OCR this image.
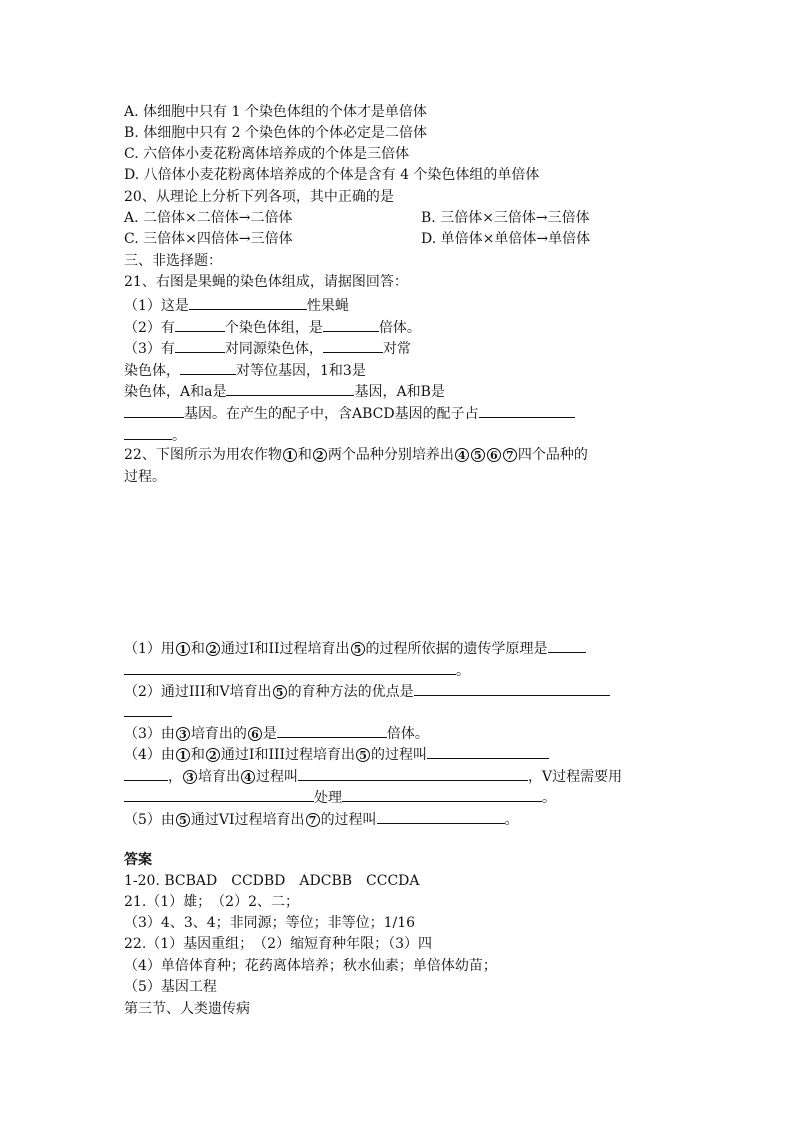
A. 体细胞中只有 1 个染色体组的个体才是单倍体
B. 体细胞中只有 2 个染色体的个体必定是二倍体
C. 六倍体小麦花粉离体培养成的个体是三倍体
D. 八倍体小麦花粉离体培养成的个体是含有 4 个染色体组的单倍体
20、从理论上分析下列各项，其中正确的是
A. 二倍体×二倍体→二倍体	B. 三倍体×三倍体→三倍体
C. 三倍体×四倍体→三倍体	D. 单倍体×单倍体→单倍体
三、非选择题：
21、右图是果蝇的染色体组成，请据图回答：
（1）这是	性果蝇
（2）有	个染色体组，是	倍体。
（3）有	对同源染色体，	对常
染色体，	对等位基因，1和3是
染色体，A和a是	基因，A和B是
基因。在产生的配子中，含ABCD基因的配子占
。
22、下图所示为用农作物 1 和 2 两个品种分别培养出 4 5 6 7 四个品种的
过程。
（1）用 1 和 2 通过I和II过程培育出 5 的过程所依据的遗传学原理是
。
（2）通过III和V培育出 5 的育种方法的优点是
（3）由 3 培育出的 6 是	倍体。
（4）由 1 和 2 通过I和III过程培育出 5 的过程叫
， 3 培育出 4 过程叫	，V过程需要用
处理	。
（5）由 5 通过VI过程培育出 7 的过程叫	。
答案
1-20. BCBAD　CCDBD　ADCBB　CCCDA
21.（1）雄；　（2）2、二；
（3）4、3、4；非同源；等位；非等位；1/16
22.（1）基因重组；　（2）缩短育种年限；（3）四
（4）单倍体育种；花药离体培养；秋水仙素；单倍体幼苗；
（5）基因工程
第三节、人类遗传病
